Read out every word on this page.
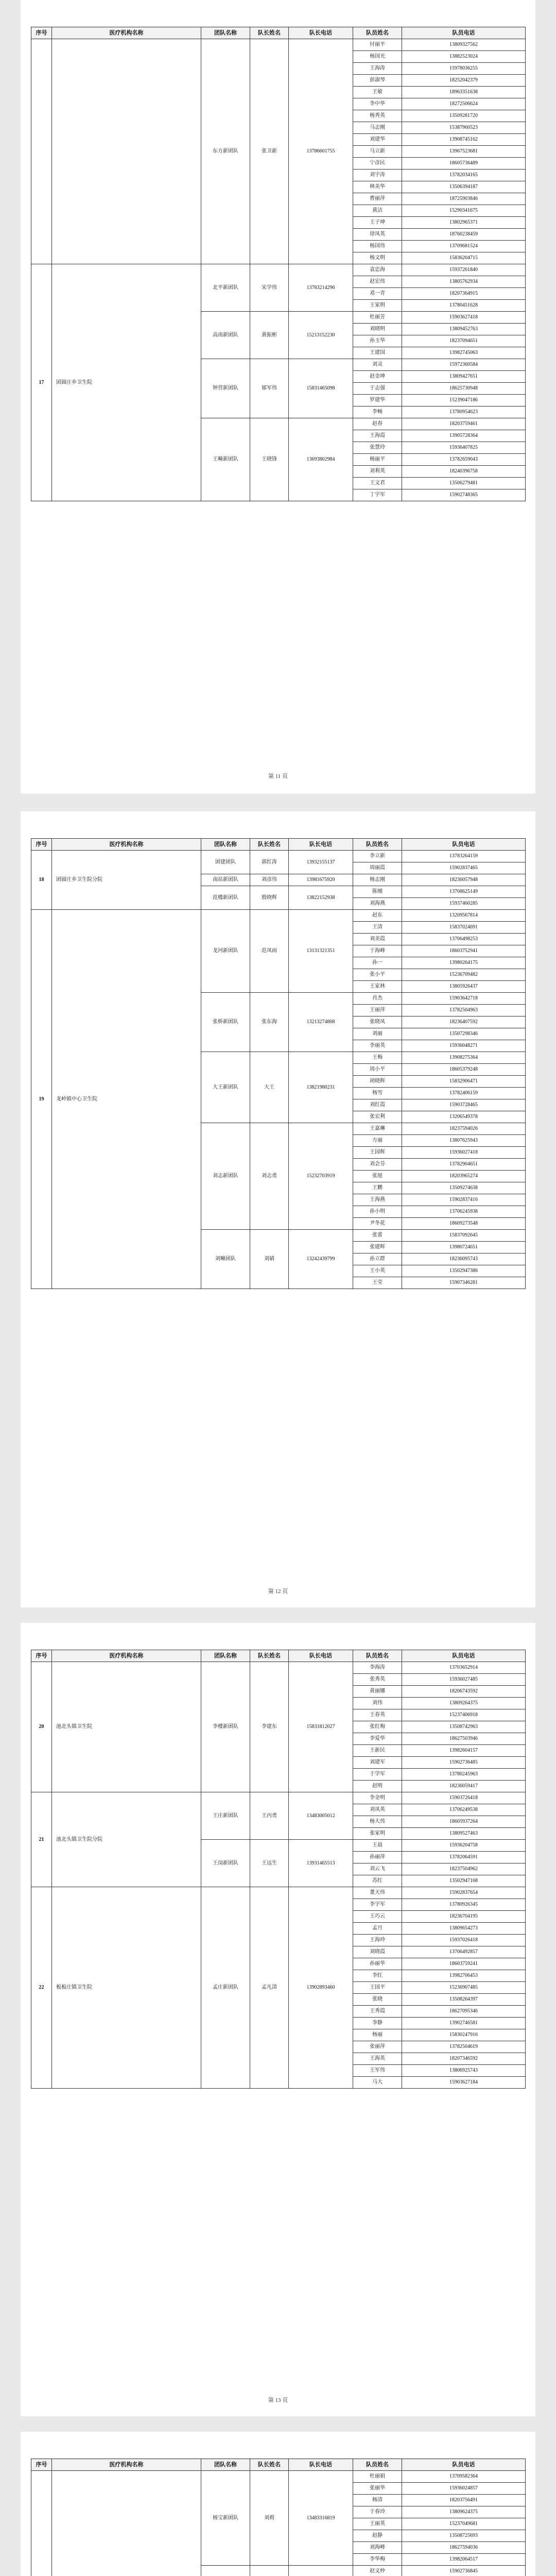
序号	医疗机构名称	团队名称	队长姓名	队长电话	队员姓名	队员电话
		东方新团队	张卫新	13786601755	付丽平	13809327562
					杨国光	13882523024
					王海涛	15978036255
					彭淑琴	18252042379
					王敏	18963351638
					李中华	18272506624
					杨秀英	13509281720
					马志刚	15387960523
					刘建华	13908745162
					马立新	13967523681
					宁彦民	18605736489
					刘宇涛	13782034165
					林美华	13506394187
					曹丽萍	18725903846
					黄洁	15290341675
					王子坤	13802965371
					徐凤英	18760238459
					杨国伟	13709681524
					杨文明	15836204715
17	团圆庄乡卫生院	北平新团队	宋学伟	13783214296	袁忠海	15937261840
					赵宏伟	13805762934
					邓一青	18207364915
					王家明	13780451628
		高南新团队	黄振彬	15213152230	杜丽芳	15903627418
					刘晓明	13809452763
					孙玉华	18237094651
					王建国	13982745063
		钟营新团队	郁军伟	15831465098	刘灵	15972360584
					赵金坤	13809427651
					于志强	18625730948
					罗建华	15239047186
					李畅	13780954623
		王疃新团队	王晓锋	13693802984	赵春	18203759461
					王海霞	13905728364
					张慧玲	15936407825
					杨丽平	13782659043
					刘利英	18240396758
					王文君	13506279481
					丁宇军	15902748365
第 11 页
序号	医疗机构名称	团队名称	队长姓名	队长电话	队员姓名	队员电话
18	团圆庄乡卫生院分院	团建团队	郭红涛	13932155137	李立新	13783264159
					周丽霞	15902837465
		南站新团队	刘彦伟	13981675920	杨志刚	18236057948
		范楼新团队	殷晓辉	13822152938	陈刚	13708625149
					刘海燕	15937460285
19	龙岭镇中心卫生院	龙河新团队	范凤雨	13131321351	赵东	13209567814
					王清	15837024691
					刘美霞	13706498253
					于海峰	18603752941
					孙一	13980264175
					张小平	15236709482
					王家林	13805926437
		张桥新团队	张东海	13213274808	肖杰	15903642718
					王丽萍	13782504963
					张晓凤	18236407592
					刘丽	13507298346
					李丽英	15936048271
		大王新团队	大王	13821980231	王梅	13908275364
					周小平	18605379248
					胡晓辉	15832906471
					杨雪	13782406159
					刘红霞	15903728465
					张宏利	13206549378
		刘志新团队	刘志勇	15232703919	王嘉琳	18237594026
					方丽	13807625943
					王国辉	15936027418
					刘会芬	13782904651
					张旭	18203965274
					王鹏	13509274638
					王海燕	15902837416
					孙小明	13706245938
					尹冬花	18609273548
		刘疃团队	刘婧	13242439799	张蕾	15837092645
					张建辉	13980724651
					孙立群	18236095743
					王小英	13502947386
					王莹	15907346281
第 12 页
序号	医疗机构名称	团队名称	队长姓名	队长电话	队员姓名	队员电话
20	池北头镇卫生院	李楼新团队	李建东	15831812027	李海涛	13703652914
					张秀英	15936027485
					黄丽娜	18206743592
					刘伟	13809264375
					王春英	15237406918
					张红梅	13508742963
					李爱华	18627503946
					王新民	13982604157
					刘建军	15902736485
					于学军	13780245963
					赵明	18236059417
21	池北头镇卫生院分院	王庄新团队	王丙勇	13483005012	李金明	15903726418
					刘凤英	13706249538
					杨大伟	18605937264
					张家明	13809527463
		王岗新团队	王远生	13931465513	王晨	15936204758
					孙丽萍	13782064591
					刘云飞	18237504962
					苏红	13502947168
22	板板庄镇卫生院	孟庄新团队	孟凡清	13902893460	董天伟	15902837654
					李宇军	13780926345
					王巧云	18236704195
					孟月	13809654273
					王海玲	15937026418
					刘晓霞	13706492857
					孙丽华	18603759241
					李红	13982706453
					王国平	15236907485
					张晓	13508264397
					王秀霞	18627095346
					李静	13902746581
					杨丽	15830247916
					张丽萍	13782504619
					王海英	18207346592
					王军伟	13806925743
					马大	15903627184
第 13 页
序号	医疗机构名称	团队名称	队长姓名	队长电话	队员姓名	队员电话
		杨宝新团队	刘莉	13483316819	杜丽娟	13709582364
					张丽华	15936024857
					杨清	18203756491
					于春玲	13809624375
					王丽英	15237049681
					赵静	13508725693
					刘海峰	18627594036
					李华梅	13982064517
			赵文仲	15902736845
